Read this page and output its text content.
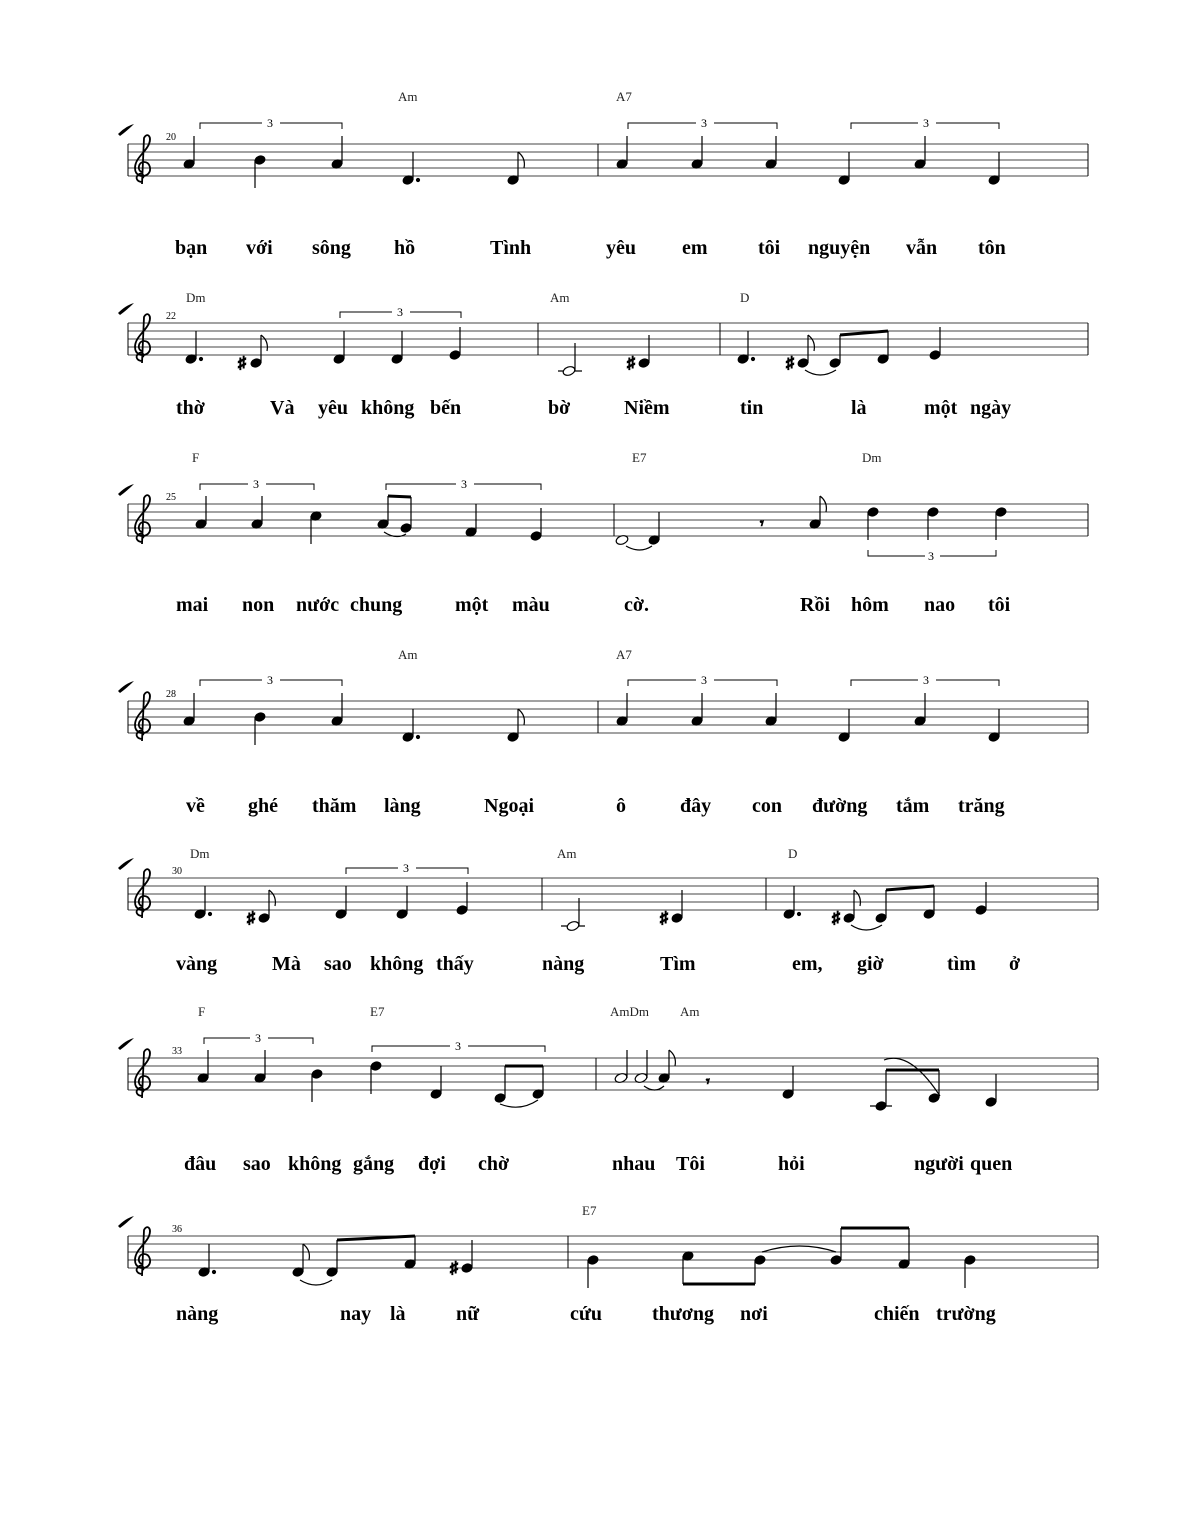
20
Am	A7
3	3	3
bạn với sông hồ	Tình	yêu em	tôi nguyện vẫn tôn
22
Dm	Am	D
3
♯	♯	♯
thờ	Và yêu không bến	bờ	Niềm	tin	là	một ngày
25
F	E7	Dm
3	3
3
𝄾
mai non nước chung	một màu	cờ.	Rồi hôm nao tôi
28
Am	A7
3	3	3
về ghé thăm làng	Ngoại	ô	đây con đường tắm trăng
30
Dm	Am	D
3
♯	♯	♯
vàng	Mà sao không thấy	nàng	Tìm	em, giờ	tìm ở
33
F	E7	AmDm Am
3
3
𝄾
đâu sao không gắng đợi chờ	nhau Tôi	hỏi	người quen
36
E7
♯
nàng	nay là	nữ	cứu thương nơi	chiến trường
